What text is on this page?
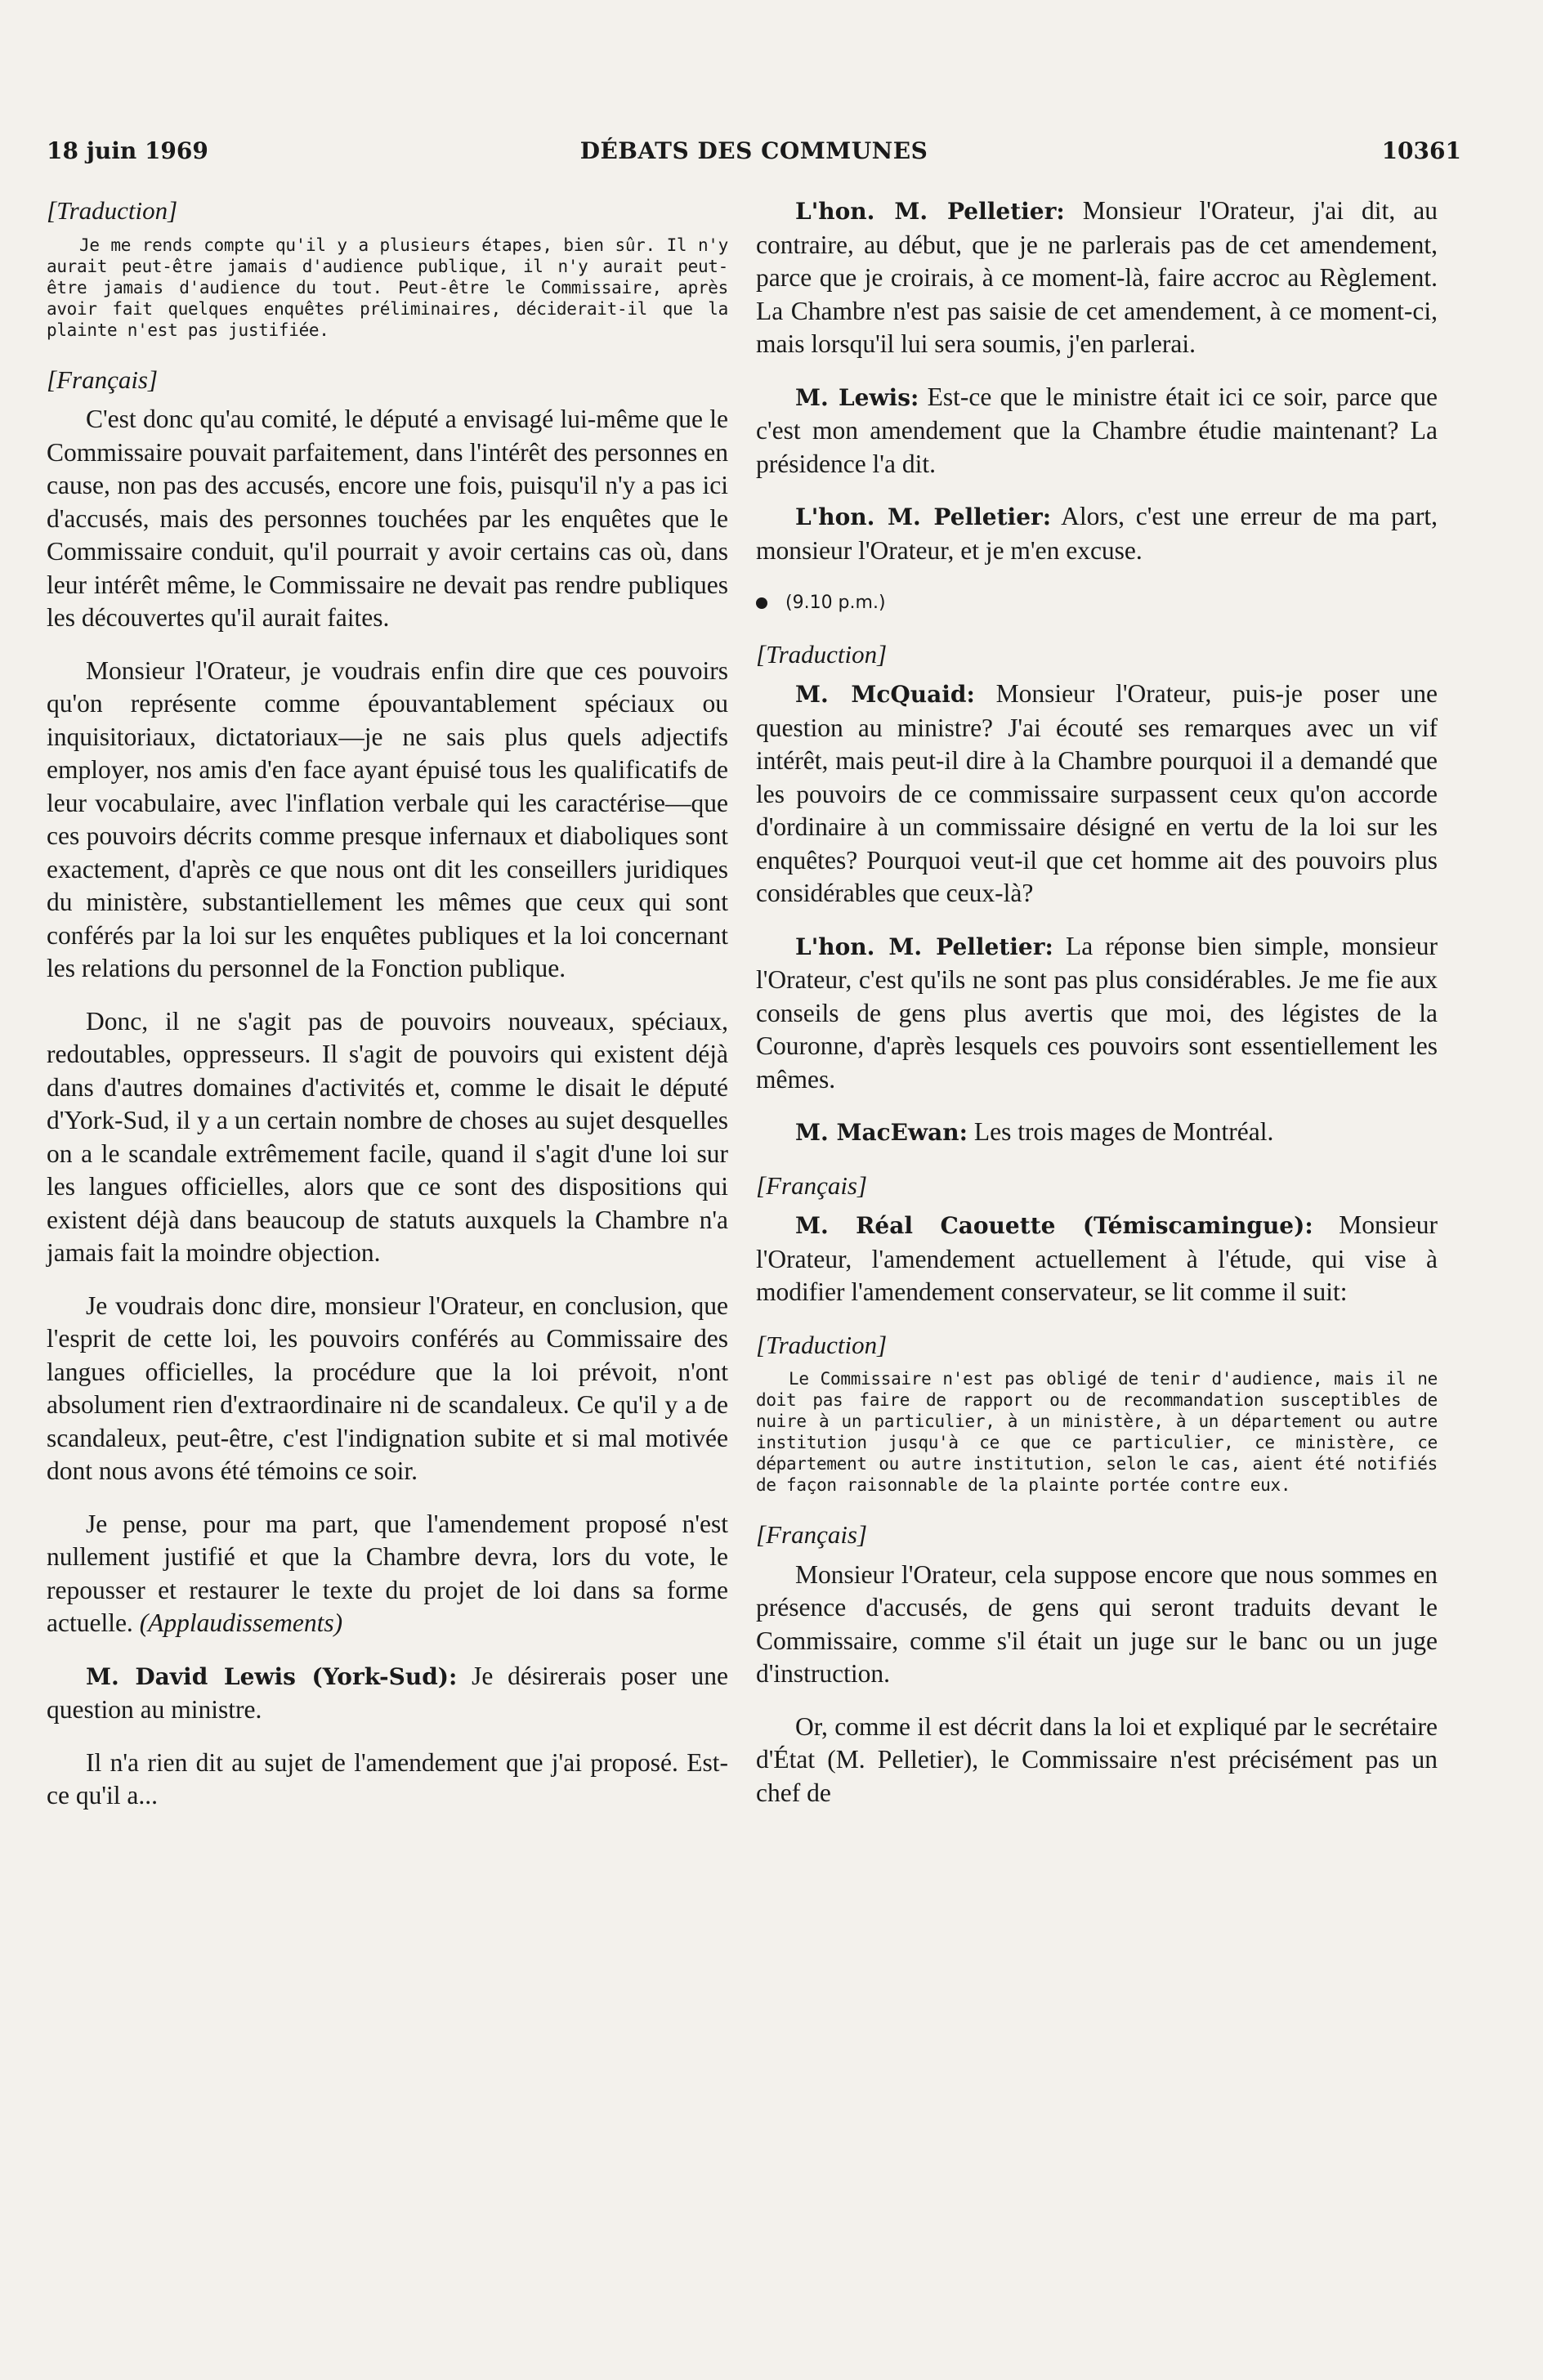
18 juin 1969	DÉBATS DES COMMUNES	10361
[Traduction]
Je me rends compte qu'il y a plusieurs étapes, bien sûr. Il n'y aurait peut-être jamais d'audience publique, il n'y aurait peut-être jamais d'audience du tout. Peut-être le Commissaire, après avoir fait quelques enquêtes préliminaires, déciderait-il que la plainte n'est pas justifiée.
[Français]

C'est donc qu'au comité, le député a envisagé lui-même que le Commissaire pouvait parfaitement, dans l'intérêt des personnes en cause, non pas des accusés, encore une fois, puisqu'il n'y a pas ici d'accusés, mais des personnes touchées par les enquêtes que le Commissaire conduit, qu'il pourrait y avoir certains cas où, dans leur intérêt même, le Commissaire ne devait pas rendre publiques les découvertes qu'il aurait faites.

Monsieur l'Orateur, je voudrais enfin dire que ces pouvoirs qu'on représente comme épouvantablement spéciaux ou inquisitoriaux, dictatoriaux—je ne sais plus quels adjectifs employer, nos amis d'en face ayant épuisé tous les qualificatifs de leur vocabulaire, avec l'inflation verbale qui les caractérise—que ces pouvoirs décrits comme presque infernaux et diaboliques sont exactement, d'après ce que nous ont dit les conseillers juridiques du ministère, substantiellement les mêmes que ceux qui sont conférés par la loi sur les enquêtes publiques et la loi concernant les relations du personnel de la Fonction publique.

Donc, il ne s'agit pas de pouvoirs nouveaux, spéciaux, redoutables, oppresseurs. Il s'agit de pouvoirs qui existent déjà dans d'autres domaines d'activités et, comme le disait le député d'York-Sud, il y a un certain nombre de choses au sujet desquelles on a le scandale extrêmement facile, quand il s'agit d'une loi sur les langues officielles, alors que ce sont des dispositions qui existent déjà dans beaucoup de statuts auxquels la Chambre n'a jamais fait la moindre objection.

Je voudrais donc dire, monsieur l'Orateur, en conclusion, que l'esprit de cette loi, les pouvoirs conférés au Commissaire des langues officielles, la procédure que la loi prévoit, n'ont absolument rien d'extraordinaire ni de scandaleux. Ce qu'il y a de scandaleux, peut-être, c'est l'indignation subite et si mal motivée dont nous avons été témoins ce soir.

Je pense, pour ma part, que l'amendement proposé n'est nullement justifié et que la Chambre devra, lors du vote, le repousser et restaurer le texte du projet de loi dans sa forme actuelle. (Applaudissements)

M. David Lewis (York-Sud): Je désirerais poser une question au ministre.

Il n'a rien dit au sujet de l'amendement que j'ai proposé. Est-ce qu'il a...

L'hon. M. Pelletier: Monsieur l'Orateur, j'ai dit, au contraire, au début, que je ne parlerais pas de cet amendement, parce que je croirais, à ce moment-là, faire accroc au Règlement. La Chambre n'est pas saisie de cet amendement, à ce moment-ci, mais lorsqu'il lui sera soumis, j'en parlerai.

M. Lewis: Est-ce que le ministre était ici ce soir, parce que c'est mon amendement que la Chambre étudie maintenant? La présidence l'a dit.

L'hon. M. Pelletier: Alors, c'est une erreur de ma part, monsieur l'Orateur, et je m'en excuse.

(9.10 p.m.)
[Traduction]

M. McQuaid: Monsieur l'Orateur, puis-je poser une question au ministre? J'ai écouté ses remarques avec un vif intérêt, mais peut-il dire à la Chambre pourquoi il a demandé que les pouvoirs de ce commissaire surpassent ceux qu'on accorde d'ordinaire à un commissaire désigné en vertu de la loi sur les enquêtes? Pourquoi veut-il que cet homme ait des pouvoirs plus considérables que ceux-là?

L'hon. M. Pelletier: La réponse bien simple, monsieur l'Orateur, c'est qu'ils ne sont pas plus considérables. Je me fie aux conseils de gens plus avertis que moi, des légistes de la Couronne, d'après lesquels ces pouvoirs sont essentiellement les mêmes.

M. MacEwan: Les trois mages de Montréal.

[Français]

M. Réal Caouette (Témiscamingue): Monsieur l'Orateur, l'amendement actuellement à l'étude, qui vise à modifier l'amendement conservateur, se lit comme il suit:

[Traduction]
Le Commissaire n'est pas obligé de tenir d'audience, mais il ne doit pas faire de rapport ou de recommandation susceptibles de nuire à un particulier, à un ministère, à un département ou autre institution jusqu'à ce que ce particulier, ce ministère, ce département ou autre institution, selon le cas, aient été notifiés de façon raisonnable de la plainte portée contre eux.
[Français]

Monsieur l'Orateur, cela suppose encore que nous sommes en présence d'accusés, de gens qui seront traduits devant le Commissaire, comme s'il était un juge sur le banc ou un juge d'instruction.

Or, comme il est décrit dans la loi et expliqué par le secrétaire d'État (M. Pelletier), le Commissaire n'est précisément pas un chef de
